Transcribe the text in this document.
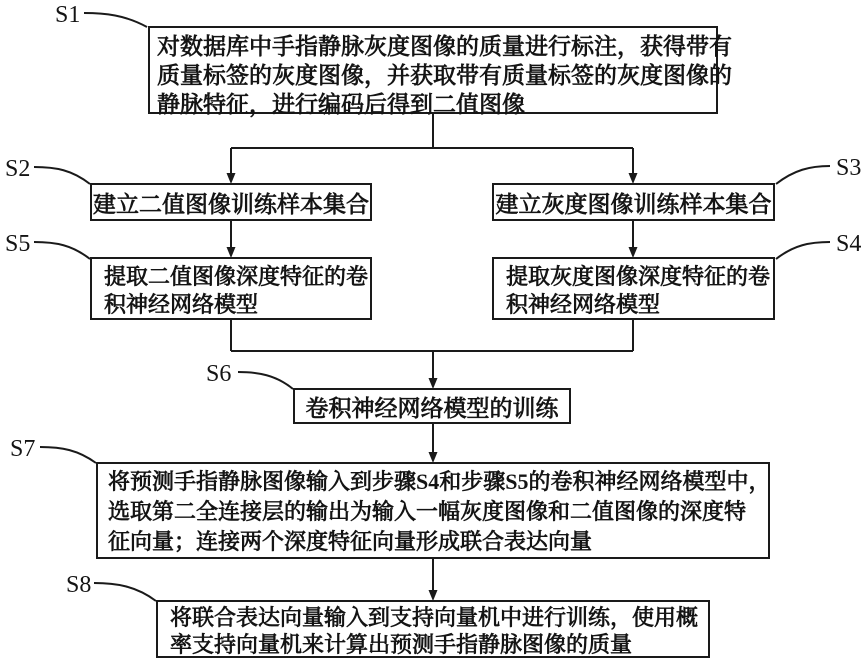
S1
S2	S3
S5	S4
S6
S7
S8
对数据库中手指静脉灰度图像的质量进行标注，获得带有
质量标签的灰度图像，并获取带有质量标签的灰度图像的
静脉特征，进行编码后得到二值图像
建立二值图像训练样本集合	建立灰度图像训练样本集合
提取二值图像深度特征的卷
积神经网络模型
提取灰度图像深度特征的卷
积神经网络模型
卷积神经网络模型的训练
将预测手指静脉图像输入到步骤S4和步骤S5的卷积神经网络模型中，
选取第二全连接层的输出为输入一幅灰度图像和二值图像的深度特
征向量；连接两个深度特征向量形成联合表达向量
将联合表达向量输入到支持向量机中进行训练，使用概
率支持向量机来计算出预测手指静脉图像的质量
